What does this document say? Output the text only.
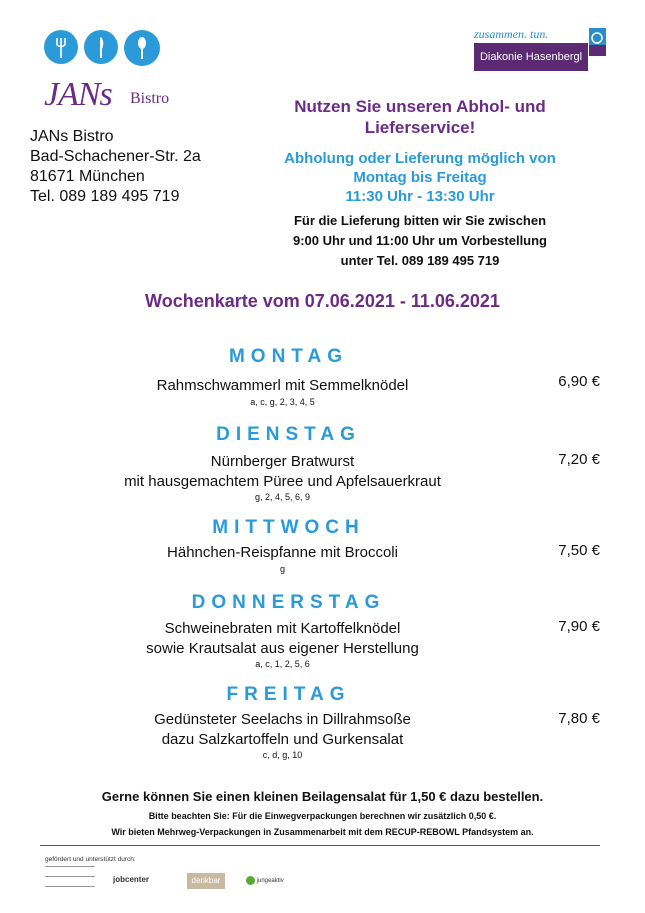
JANs Bistro
JANs Bistro
Bad-Schachener-Str. 2a
81671 München
Tel. 089 189 495 719
zusammen. tun.
Diakonie Hasenbergl
Nutzen Sie unseren Abhol- und
Lieferservice!
Abholung oder Lieferung möglich von
Montag bis Freitag
11:30 Uhr - 13:30 Uhr
Für die Lieferung bitten wir Sie zwischen
9:00 Uhr und 11:00 Uhr um Vorbestellung
unter Tel. 089 189 495 719
Wochenkarte vom 07.06.2021 - 11.06.2021
MONTAG
Rahmschwammerl mit Semmelknödel
a, c, g, 2, 3, 4, 5
6,90 €
DIENSTAG
Nürnberger Bratwurst
mit hausgemachtem Püree und Apfelsauerkraut
g, 2, 4, 5, 6, 9
7,20 €
MITTWOCH
Hähnchen-Reispfanne mit Broccoli
g
7,50 €
DONNERSTAG
Schweinebraten mit Kartoffelknödel
sowie Krautsalat aus eigener Herstellung
a, c, 1, 2, 5, 6
7,90 €
FREITAG
Gedünsteter Seelachs in Dillrahmsoße
dazu Salzkartoffeln und Gurkensalat
c, d, g, 10
7,80 €
Gerne können Sie einen kleinen Beilagensalat für 1,50 € dazu bestellen.
Bitte beachten Sie: Für die Einwegverpackungen berechnen wir zusätzlich 0,50 €.
Wir bieten Mehrweg-Verpackungen in Zusammenarbeit mit dem RECUP-REBOWL Pfandsystem an.
gefördert und unterstützt durch:
jobcenter	denkbar	jungeaktiv
